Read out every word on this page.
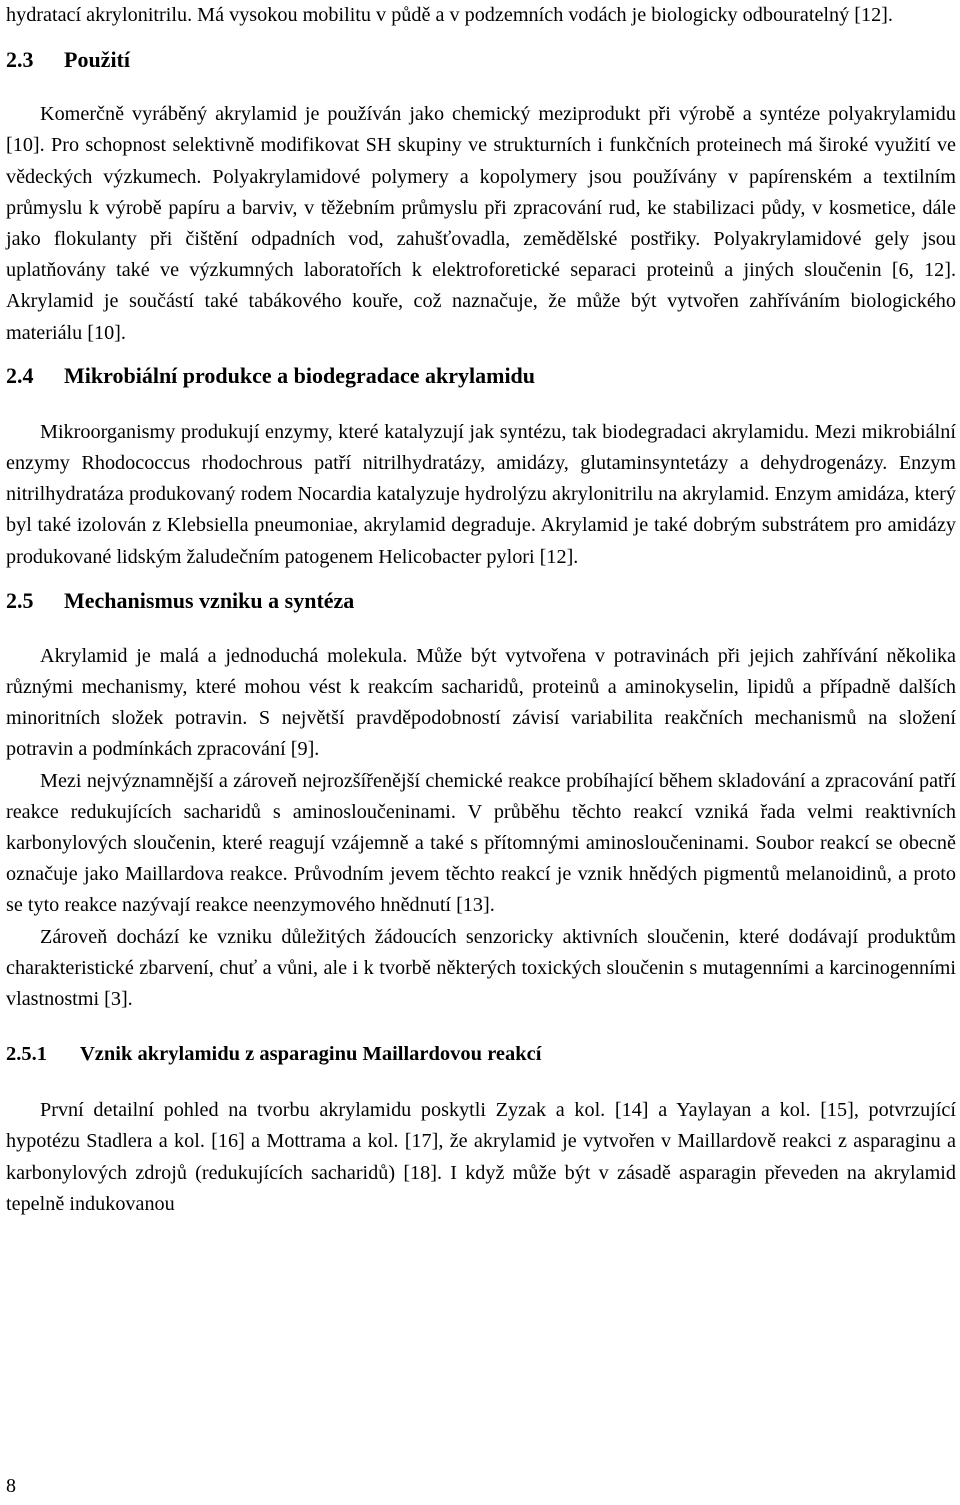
hydratací akrylonitrilu. Má vysokou mobilitu v půdě a v podzemních vodách je biologicky odbouratelný [12].

2.3	Použití

Komerčně vyráběný akrylamid je používán jako chemický meziprodukt při výrobě a syntéze polyakrylamidu [10]. Pro schopnost selektivně modifikovat SH skupiny ve strukturních i funkčních proteinech má široké využití ve vědeckých výzkumech. Polyakrylamidové polymery a kopolymery jsou používány v papírenském a textilním průmyslu k výrobě papíru a barviv, v těžebním průmyslu při zpracování rud, ke stabilizaci půdy, v kosmetice, dále jako flokulanty při čištění odpadních vod, zahušťovadla, zemědělské postřiky. Polyakrylamidové gely jsou uplatňovány také ve výzkumných laboratořích k elektroforetické separaci proteinů a jiných sloučenin [6, 12]. Akrylamid je součástí také tabákového kouře, což naznačuje, že může být vytvořen zahříváním biologického materiálu [10].

2.4	Mikrobiální produkce a biodegradace akrylamidu

Mikroorganismy produkují enzymy, které katalyzují jak syntézu, tak biodegradaci akrylamidu. Mezi mikrobiální enzymy Rhodococcus rhodochrous patří nitrilhydratázy, amidázy, glutaminsyntetázy a dehydrogenázy. Enzym nitrilhydratáza produkovaný rodem Nocardia katalyzuje hydrolýzu akrylonitrilu na akrylamid. Enzym amidáza, který byl také izolován z Klebsiella pneumoniae, akrylamid degraduje. Akrylamid je také dobrým substrátem pro amidázy produkované lidským žaludečním patogenem Helicobacter pylori [12].

2.5	Mechanismus vzniku a syntéza

Akrylamid je malá a jednoduchá molekula. Může být vytvořena v potravinách při jejich zahřívání několika různými mechanismy, které mohou vést k reakcím sacharidů, proteinů a aminokyselin, lipidů a případně dalších minoritních složek potravin. S největší pravděpodobností závisí variabilita reakčních mechanismů na složení potravin a podmínkách zpracování [9].

Mezi nejvýznamnější a zároveň nejrozšířenější chemické reakce probíhající během skladování a zpracování patří reakce redukujících sacharidů s aminosloučeninami. V průběhu těchto reakcí vzniká řada velmi reaktivních karbonylových sloučenin, které reagují vzájemně a také s přítomnými aminosloučeninami. Soubor reakcí se obecně označuje jako Maillardova reakce. Průvodním jevem těchto reakcí je vznik hnědých pigmentů melanoidinů, a proto se tyto reakce nazývají reakce neenzymového hnědnutí [13].

Zároveň dochází ke vzniku důležitých žádoucích senzoricky aktivních sloučenin, které dodávají produktům charakteristické zbarvení, chuť a vůni, ale i k tvorbě některých toxických sloučenin s mutagenními a karcinogenními vlastnostmi [3].

2.5.1	Vznik akrylamidu z asparaginu Maillardovou reakcí

První detailní pohled na tvorbu akrylamidu poskytli Zyzak a kol. [14] a Yaylayan a kol. [15], potvrzující hypotézu Stadlera a kol. [16] a Mottrama a kol. [17], že akrylamid je vytvořen v Maillardově reakci z asparaginu a karbonylových zdrojů (redukujících sacharidů) [18]. I když může být v zásadě asparagin převeden na akrylamid tepelně indukovanou

8
